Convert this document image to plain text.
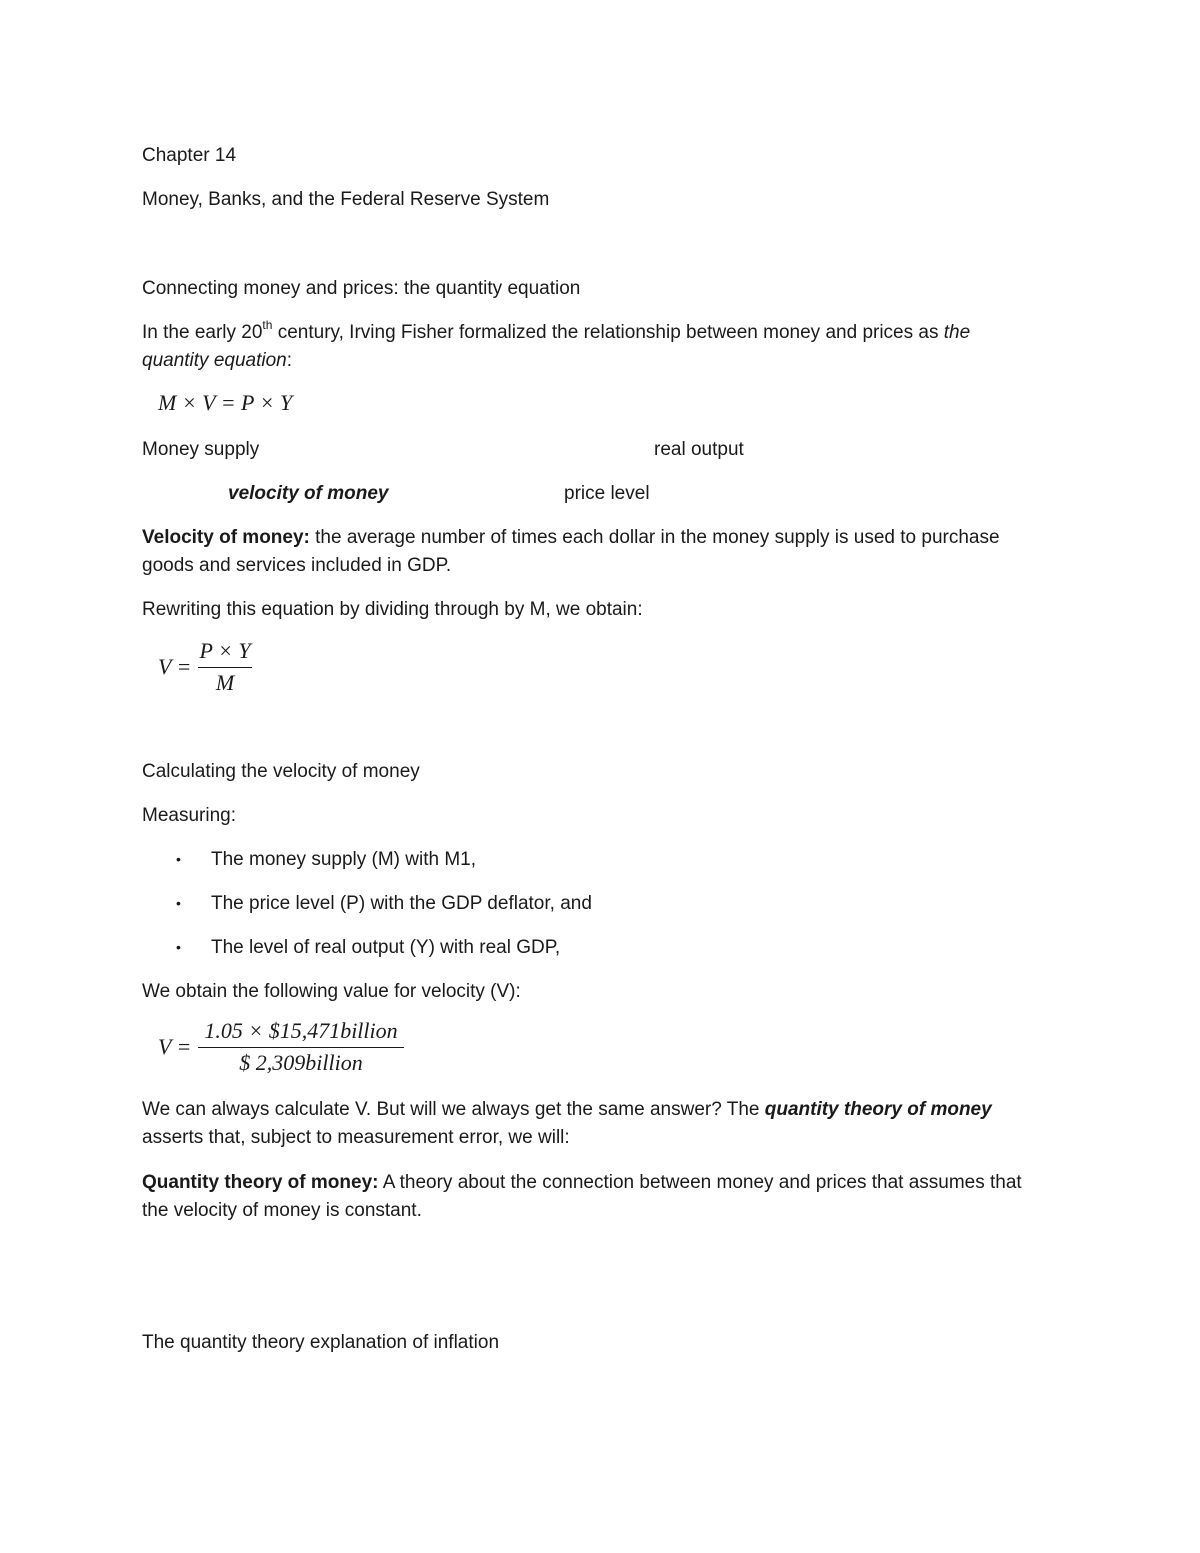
Chapter 14
Money, Banks, and the Federal Reserve System
Connecting money and prices: the quantity equation
In the early 20th century, Irving Fisher formalized the relationship between money and prices as the
quantity equation:
M × V = P × Y
Money supply	real output
velocity of money	price level
Velocity of money: the average number of times each dollar in the money supply is used to purchase
goods and services included in GDP.
Rewriting this equation by dividing through by M, we obtain:
V =
P × Y
M
Calculating the velocity of money
Measuring:
• The money supply (M) with M1,
• The price level (P) with the GDP deflator, and
• The level of real output (Y) with real GDP,
We obtain the following value for velocity (V):
V =
1.05 × $15,471billion
$ 2,309billion
We can always calculate V. But will we always get the same answer? The quantity theory of money
asserts that, subject to measurement error, we will:
Quantity theory of money: A theory about the connection between money and prices that assumes that
the velocity of money is constant.
The quantity theory explanation of inflation
